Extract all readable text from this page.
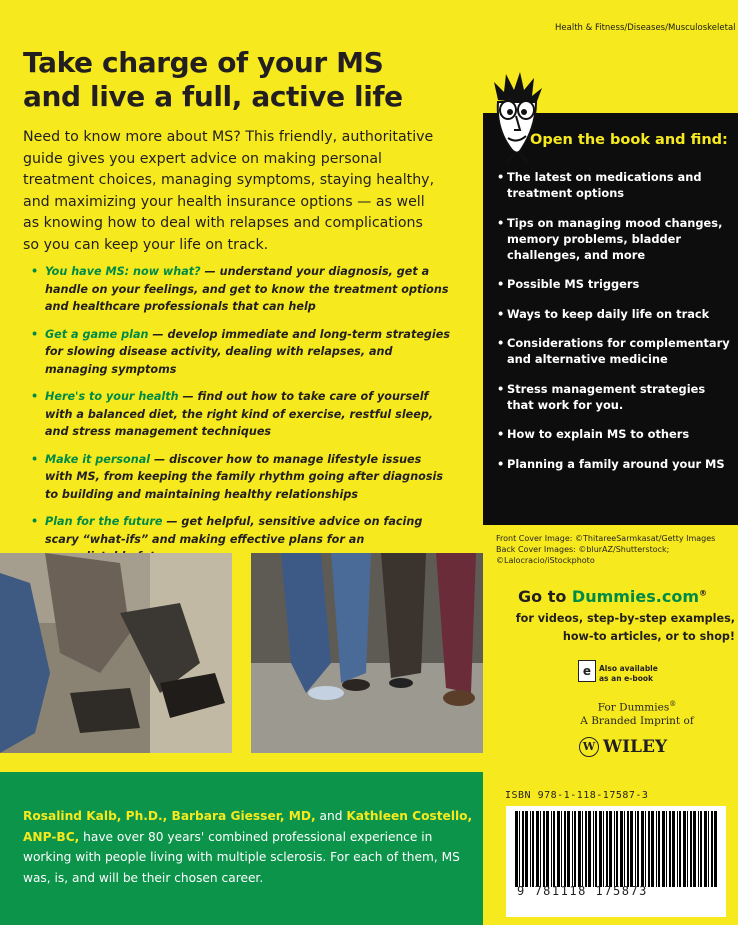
Health & Fitness/Diseases/Musculoskeletal
Take charge of your MS
and live a full, active life
Need to know more about MS? This friendly, authoritative guide gives you expert advice on making personal treatment choices, managing symptoms, staying healthy, and maximizing your health insurance options — as well as knowing how to deal with relapses and complications so you can keep your life on track.
• You have MS: now what? — understand your diagnosis, get a handle on your feelings, and get to know the treatment options and healthcare professionals that can help
• Get a game plan — develop immediate and long-term strategies for slowing disease activity, dealing with relapses, and managing symptoms
• Here's to your health — find out how to take care of yourself with a balanced diet, the right kind of exercise, restful sleep, and stress management techniques
• Make it personal — discover how to manage lifestyle issues with MS, from keeping the family rhythm going after diagnosis to building and maintaining healthy relationships
• Plan for the future — get helpful, sensitive advice on facing scary “what-ifs” and making effective plans for an
Open the book and find:
• The latest on medications and treatment options
• Tips on managing mood changes, memory problems, bladder challenges, and more
• Possible MS triggers
• Ways to keep daily life on track
• Considerations for complementary and alternative medicine
• Stress management strategies that work for you.
• How to explain MS to others
• Planning a family around your MS
Front Cover Image: ©ThitareeSarmkasat/Getty Images
Back Cover Images: ©blurAZ/Shutterstock;
©Lalocracio/iStockphoto
Go to Dummies.com®
for videos, step-by-step examples,
how-to articles, or to shop!
e	Also available
as an e-book
For Dummies®
A Branded Imprint of
W WILEY
Rosalind Kalb, Ph.D., Barbara Giesser, MD, and Kathleen Costello, ANP-BC, have over 80 years' combined professional experience in working with people living with multiple sclerosis. For each of them, MS was, is, and will be their chosen career.
ISBN 978-1-118-17587-3
9 781118 175873
